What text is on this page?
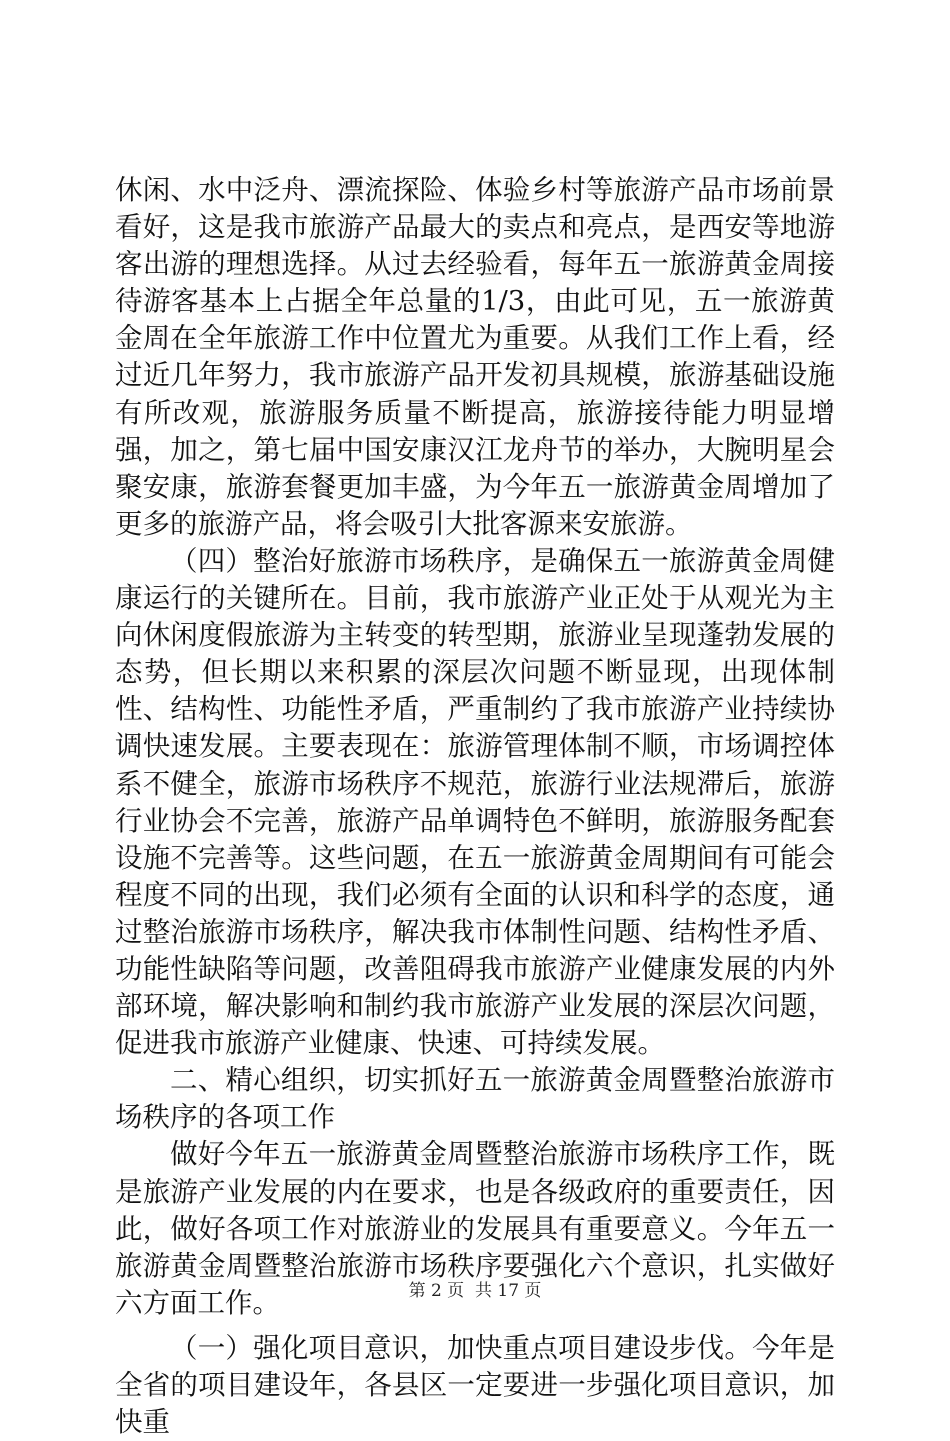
休闲、水中泛舟、漂流探险、体验乡村等旅游产品市场前景看好，这是我市旅游产品最大的卖点和亮点，是西安等地游客出游的理想选择。从过去经验看，每年五一旅游黄金周接待游客基本上占据全年总量的1/3，由此可见，五一旅游黄金周在全年旅游工作中位置尤为重要。从我们工作上看，经过近几年努力，我市旅游产品开发初具规模，旅游基础设施有所改观，旅游服务质量不断提高，旅游接待能力明显增强，加之，第七届中国安康汉江龙舟节的举办，大腕明星会聚安康，旅游套餐更加丰盛，为今年五一旅游黄金周增加了更多的旅游产品，将会吸引大批客源来安旅游。

（四）整治好旅游市场秩序，是确保五一旅游黄金周健康运行的关键所在。目前，我市旅游产业正处于从观光为主向休闲度假旅游为主转变的转型期，旅游业呈现蓬勃发展的态势，但长期以来积累的深层次问题不断显现，出现体制性、结构性、功能性矛盾，严重制约了我市旅游产业持续协调快速发展。主要表现在：旅游管理体制不顺，市场调控体系不健全，旅游市场秩序不规范，旅游行业法规滞后，旅游行业协会不完善，旅游产品单调特色不鲜明，旅游服务配套设施不完善等。这些问题，在五一旅游黄金周期间有可能会程度不同的出现，我们必须有全面的认识和科学的态度，通过整治旅游市场秩序，解决我市体制性问题、结构性矛盾、功能性缺陷等问题，改善阻碍我市旅游产业健康发展的内外部环境，解决影响和制约我市旅游产业发展的深层次问题，促进我市旅游产业健康、快速、可持续发展。

二、精心组织，切实抓好五一旅游黄金周暨整治旅游市场秩序的各项工作

做好今年五一旅游黄金周暨整治旅游市场秩序工作，既是旅游产业发展的内在要求，也是各级政府的重要责任，因此，做好各项工作对旅游业的发展具有重要意义。今年五一旅游黄金周暨整治旅游市场秩序要强化六个意识，扎实做好六方面工作。

（一）强化项目意识，加快重点项目建设步伐。今年是全省的项目建设年，各县区一定要进一步强化项目意识，加快重

第 2 页  共 17 页
